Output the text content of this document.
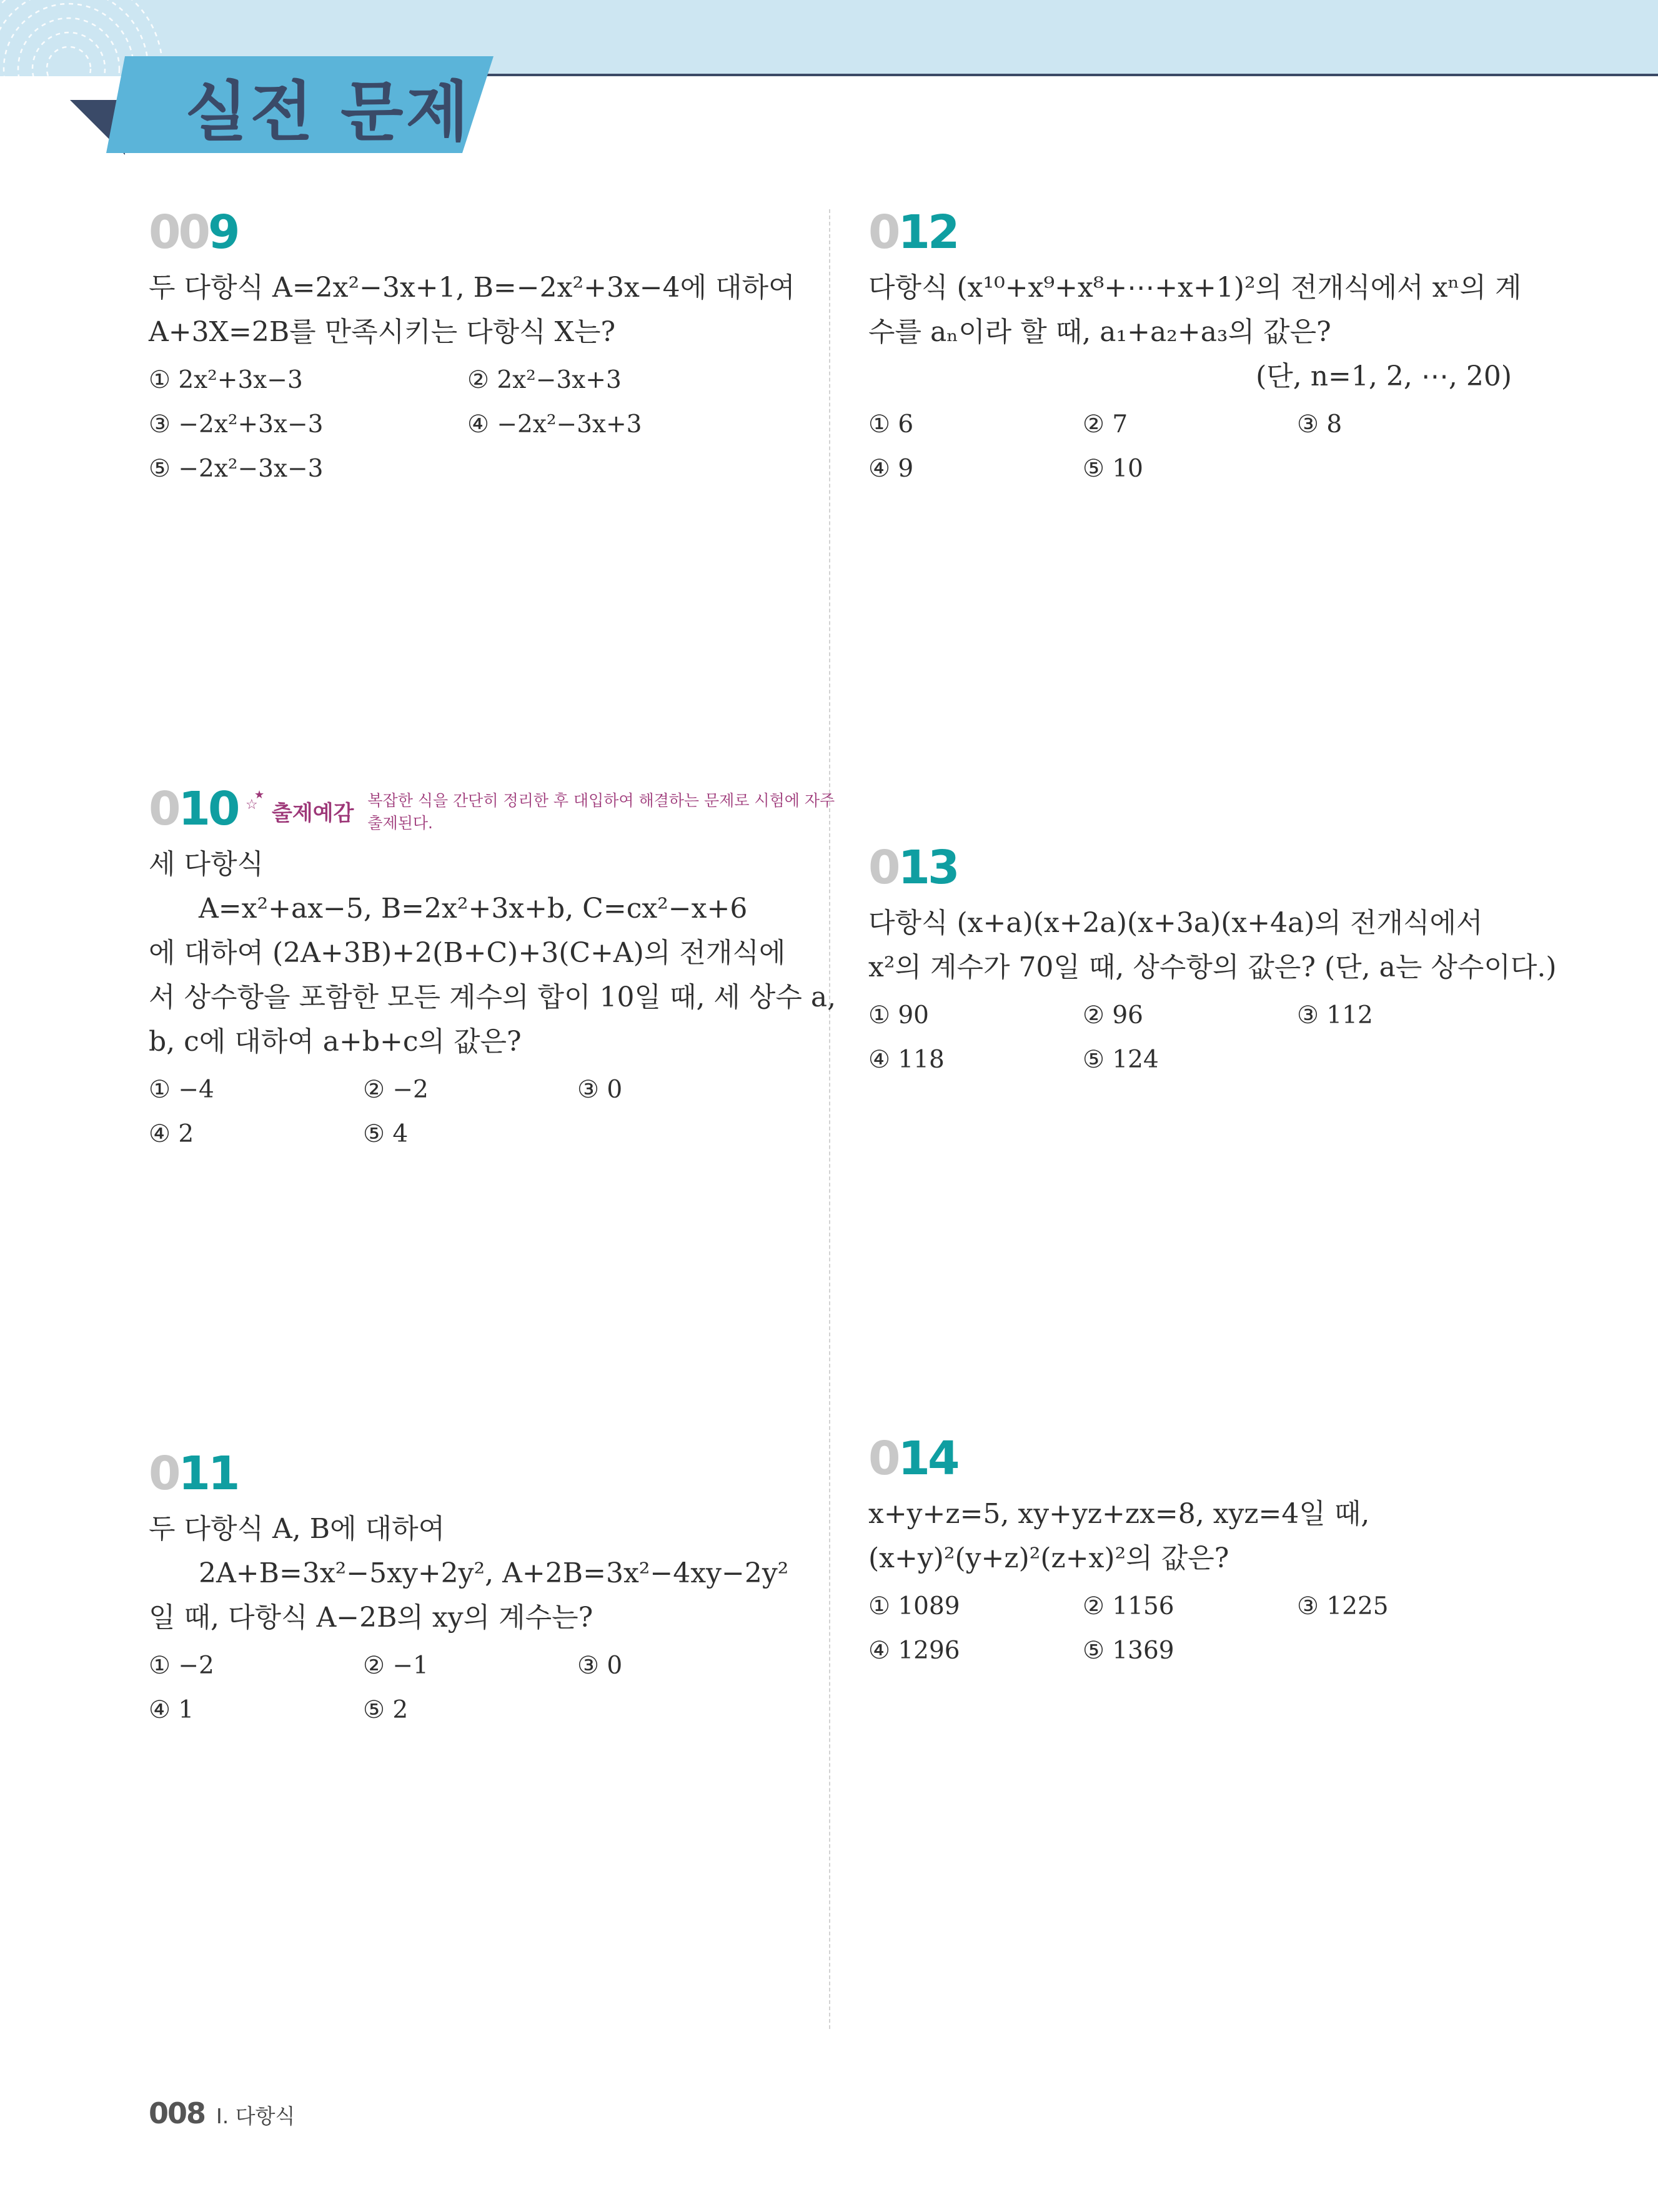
실전 문제
009
두 다항식 A=2x²−3x+1, B=−2x²+3x−4에 대하여
A+3X=2B를 만족시키는 다항식 X는?
① 2x²+3x−3	② 2x²−3x+3
③ −2x²+3x−3	④ −2x²−3x+3
⑤ −2x²−3x−3
010 ☆
★
출제예감
복잡한 식을 간단히 정리한 후 대입하여 해결하는 문제로 시험에 자주
출제된다.
세 다항식
A=x²+ax−5, B=2x²+3x+b, C=cx²−x+6
에 대하여 (2A+3B)+2(B+C)+3(C+A)의 전개식에
서 상수항을 포함한 모든 계수의 합이 10일 때, 세 상수 a,
b, c에 대하여 a+b+c의 값은?
① −4	② −2	③ 0
④ 2	⑤ 4
011
두 다항식 A, B에 대하여
2A+B=3x²−5xy+2y², A+2B=3x²−4xy−2y²
일 때, 다항식 A−2B의 xy의 계수는?
① −2	② −1	③ 0
④ 1	⑤ 2
012
다항식 (x¹⁰+x⁹+x⁸+⋯+x+1)²의 전개식에서 xⁿ의 계
수를 aₙ이라 할 때, a₁+a₂+a₃의 값은?
(단, n=1, 2, ⋯, 20)
① 6	② 7	③ 8
④ 9	⑤ 10
013
다항식 (x+a)(x+2a)(x+3a)(x+4a)의 전개식에서
x²의 계수가 70일 때, 상수항의 값은? (단, a는 상수이다.)
① 90	② 96	③ 112
④ 118	⑤ 124
014
x+y+z=5, xy+yz+zx=8, xyz=4일 때,
(x+y)²(y+z)²(z+x)²의 값은?
① 1089	② 1156	③ 1225
④ 1296	⑤ 1369
008 I. 다항식
